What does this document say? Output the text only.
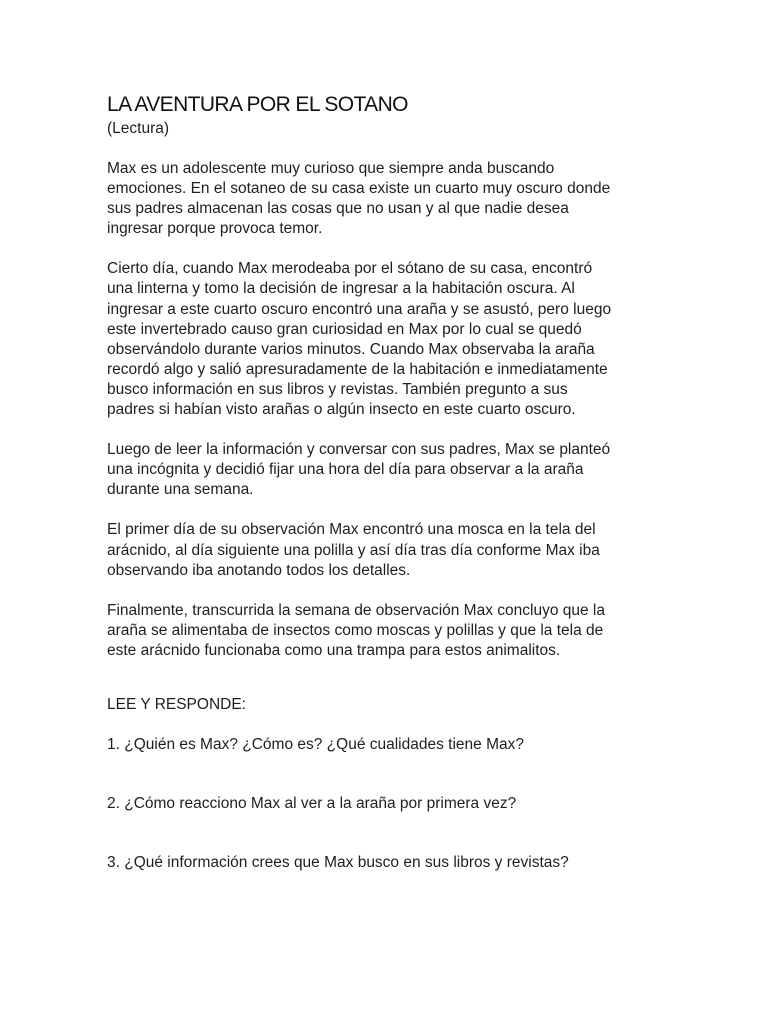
LA AVENTURA POR EL SOTANO

(Lectura)

Max es un adolescente muy curioso que siempre anda buscando
emociones. En el sotaneo de su casa existe un cuarto muy oscuro donde
sus padres almacenan las cosas que no usan y al que nadie desea
ingresar porque provoca temor.
Cierto día, cuando Max merodeaba por el sótano de su casa, encontró
una linterna y tomo la decisión de ingresar a la habitación oscura. Al
ingresar a este cuarto oscuro encontró una araña y se asustó, pero luego
este invertebrado causo gran curiosidad en Max por lo cual se quedó
observándolo durante varios minutos. Cuando Max observaba la araña
recordó algo y salió apresuradamente de la habitación e inmediatamente
busco información en sus libros y revistas. También pregunto a sus
padres si habían visto arañas o algún insecto en este cuarto oscuro.
Luego de leer la información y conversar con sus padres, Max se planteó
una incógnita y decidió fijar una hora del día para observar a la araña
durante una semana.
El primer día de su observación Max encontró una mosca en la tela del
arácnido, al día siguiente una polilla y así día tras día conforme Max iba
observando iba anotando todos los detalles.
Finalmente, transcurrida la semana de observación Max concluyo que la
araña se alimentaba de insectos como moscas y polillas y que la tela de
este arácnido funcionaba como una trampa para estos animalitos.

LEE Y RESPONDE:

1. ¿Quién es Max? ¿Cómo es? ¿Qué cualidades tiene Max?

2. ¿Cómo reacciono Max al ver a la araña por primera vez?

3. ¿Qué información crees que Max busco en sus libros y revistas?
